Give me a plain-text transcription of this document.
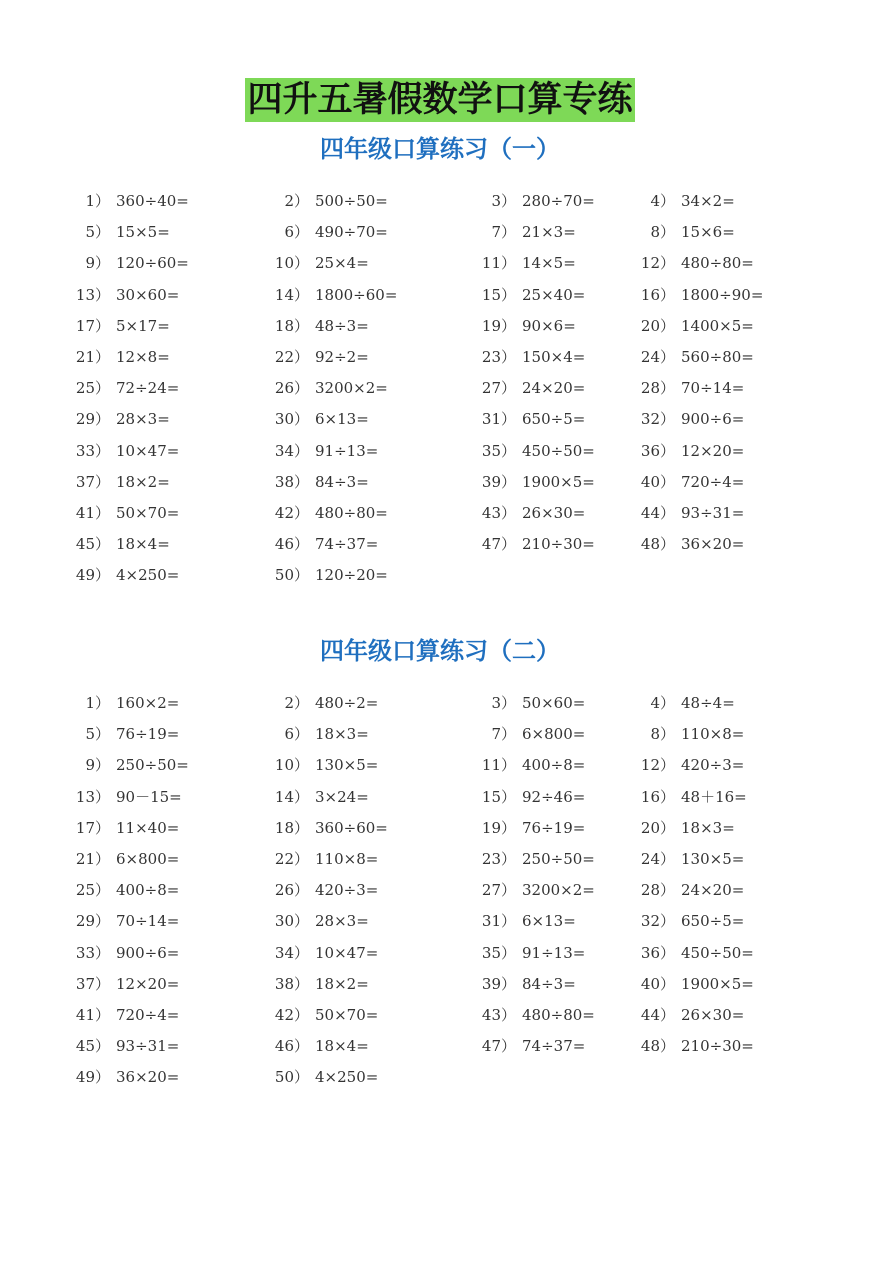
四升五暑假数学口算专练
四年级口算练习（一）
1） 360÷40=	2） 500÷50=	3） 280÷70=	4） 34×2=
5） 15×5=	6） 490÷70=	7） 21×3=	8） 15×6=
9） 120÷60=	10） 25×4=	11） 14×5=	12） 480÷80=
13） 30×60=	14） 1800÷60=	15） 25×40=	16） 1800÷90=
17） 5×17=	18） 48÷3=	19） 90×6=	20） 1400×5=
21） 12×8=	22） 92÷2=	23） 150×4=	24） 560÷80=
25） 72÷24=	26） 3200×2=	27） 24×20=	28） 70÷14=
29） 28×3=	30） 6×13=	31） 650÷5=	32） 900÷6=
33） 10×47=	34） 91÷13=	35） 450÷50=	36） 12×20=
37） 18×2=	38） 84÷3=	39） 1900×5=	40） 720÷4=
41） 50×70=	42） 480÷80=	43） 26×30=	44） 93÷31=
45） 18×4=	46） 74÷37=	47） 210÷30=	48） 36×20=
49） 4×250=	50） 120÷20=
四年级口算练习（二）
1） 160×2=	2） 480÷2=	3） 50×60=	4） 48÷4=
5） 76÷19=	6） 18×3=	7） 6×800=	8） 110×8=
9） 250÷50=	10） 130×5=	11） 400÷8=	12） 420÷3=
13） 90－15=	14） 3×24=	15） 92÷46=	16） 48＋16=
17） 11×40=	18） 360÷60=	19） 76÷19=	20） 18×3=
21） 6×800=	22） 110×8=	23） 250÷50=	24） 130×5=
25） 400÷8=	26） 420÷3=	27） 3200×2=	28） 24×20=
29） 70÷14=	30） 28×3=	31） 6×13=	32） 650÷5=
33） 900÷6=	34） 10×47=	35） 91÷13=	36） 450÷50=
37） 12×20=	38） 18×2=	39） 84÷3=	40） 1900×5=
41） 720÷4=	42） 50×70=	43） 480÷80=	44） 26×30=
45） 93÷31=	46） 18×4=	47） 74÷37=	48） 210÷30=
49） 36×20=	50） 4×250=
